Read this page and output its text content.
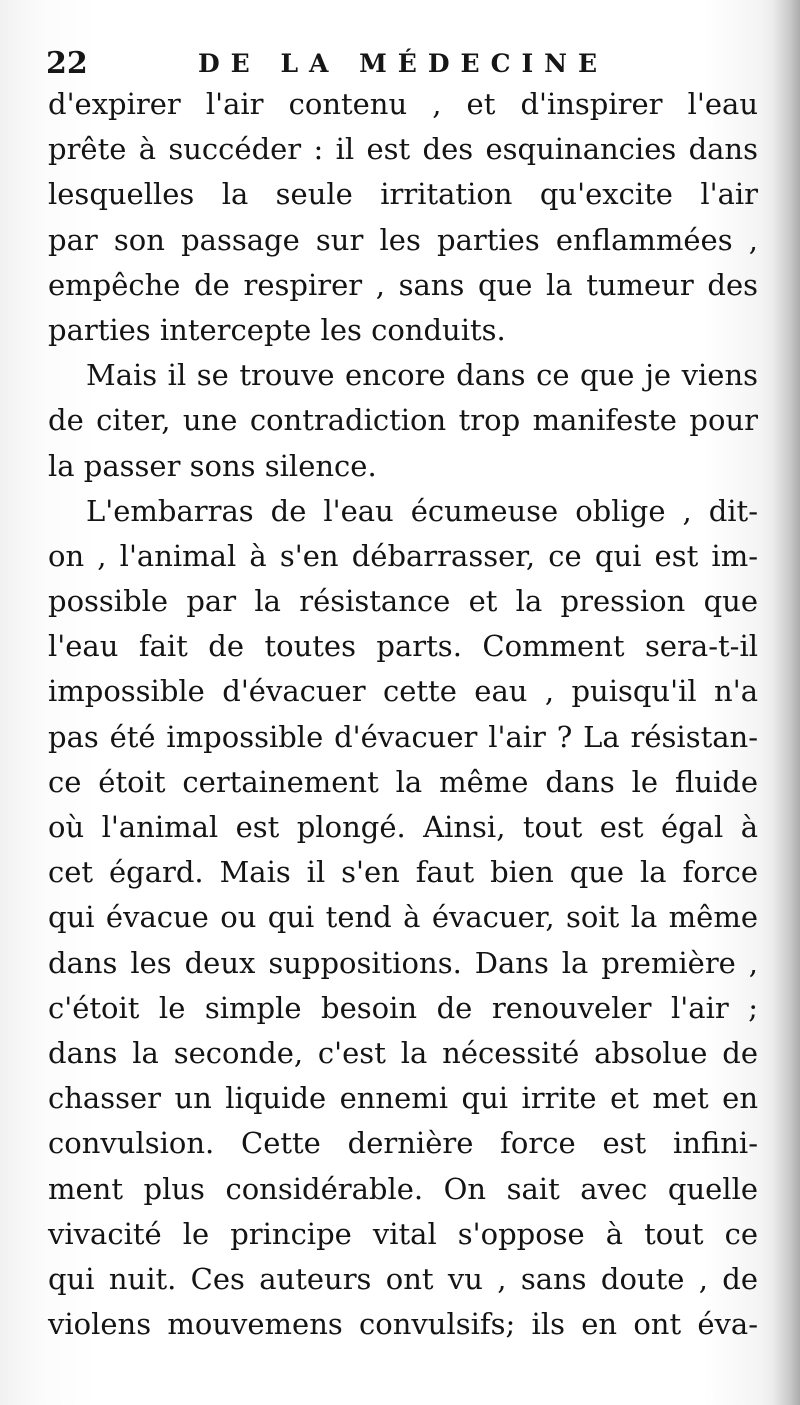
22	DE LA MÉDECINE
d'expirer l'air contenu , et d'inspirer l'eau
prête à succéder : il est des esquinancies dans
lesquelles la seule irritation qu'excite l'air
par son passage sur les parties enflammées ,
empêche de respirer , sans que la tumeur des
parties intercepte les conduits.
Mais il se trouve encore dans ce que je viens
de citer, une contradiction trop manifeste pour
la passer sons silence.
L'embarras de l'eau écumeuse oblige , dit-
on , l'animal à s'en débarrasser, ce qui est im-
possible par la résistance et la pression que
l'eau fait de toutes parts. Comment sera-t-il
impossible d'évacuer cette eau , puisqu'il n'a
pas été impossible d'évacuer l'air ? La résistan-
ce étoit certainement la même dans le fluide
où l'animal est plongé. Ainsi, tout est égal à
cet égard. Mais il s'en faut bien que la force
qui évacue ou qui tend à évacuer, soit la même
dans les deux suppositions. Dans la première ,
c'étoit le simple besoin de renouveler l'air ;
dans la seconde, c'est la nécessité absolue de
chasser un liquide ennemi qui irrite et met en
convulsion. Cette dernière force est infini-
ment plus considérable. On sait avec quelle
vivacité le principe vital s'oppose à tout ce
qui nuit. Ces auteurs ont vu , sans doute , de
violens mouvemens convulsifs; ils en ont éva-
